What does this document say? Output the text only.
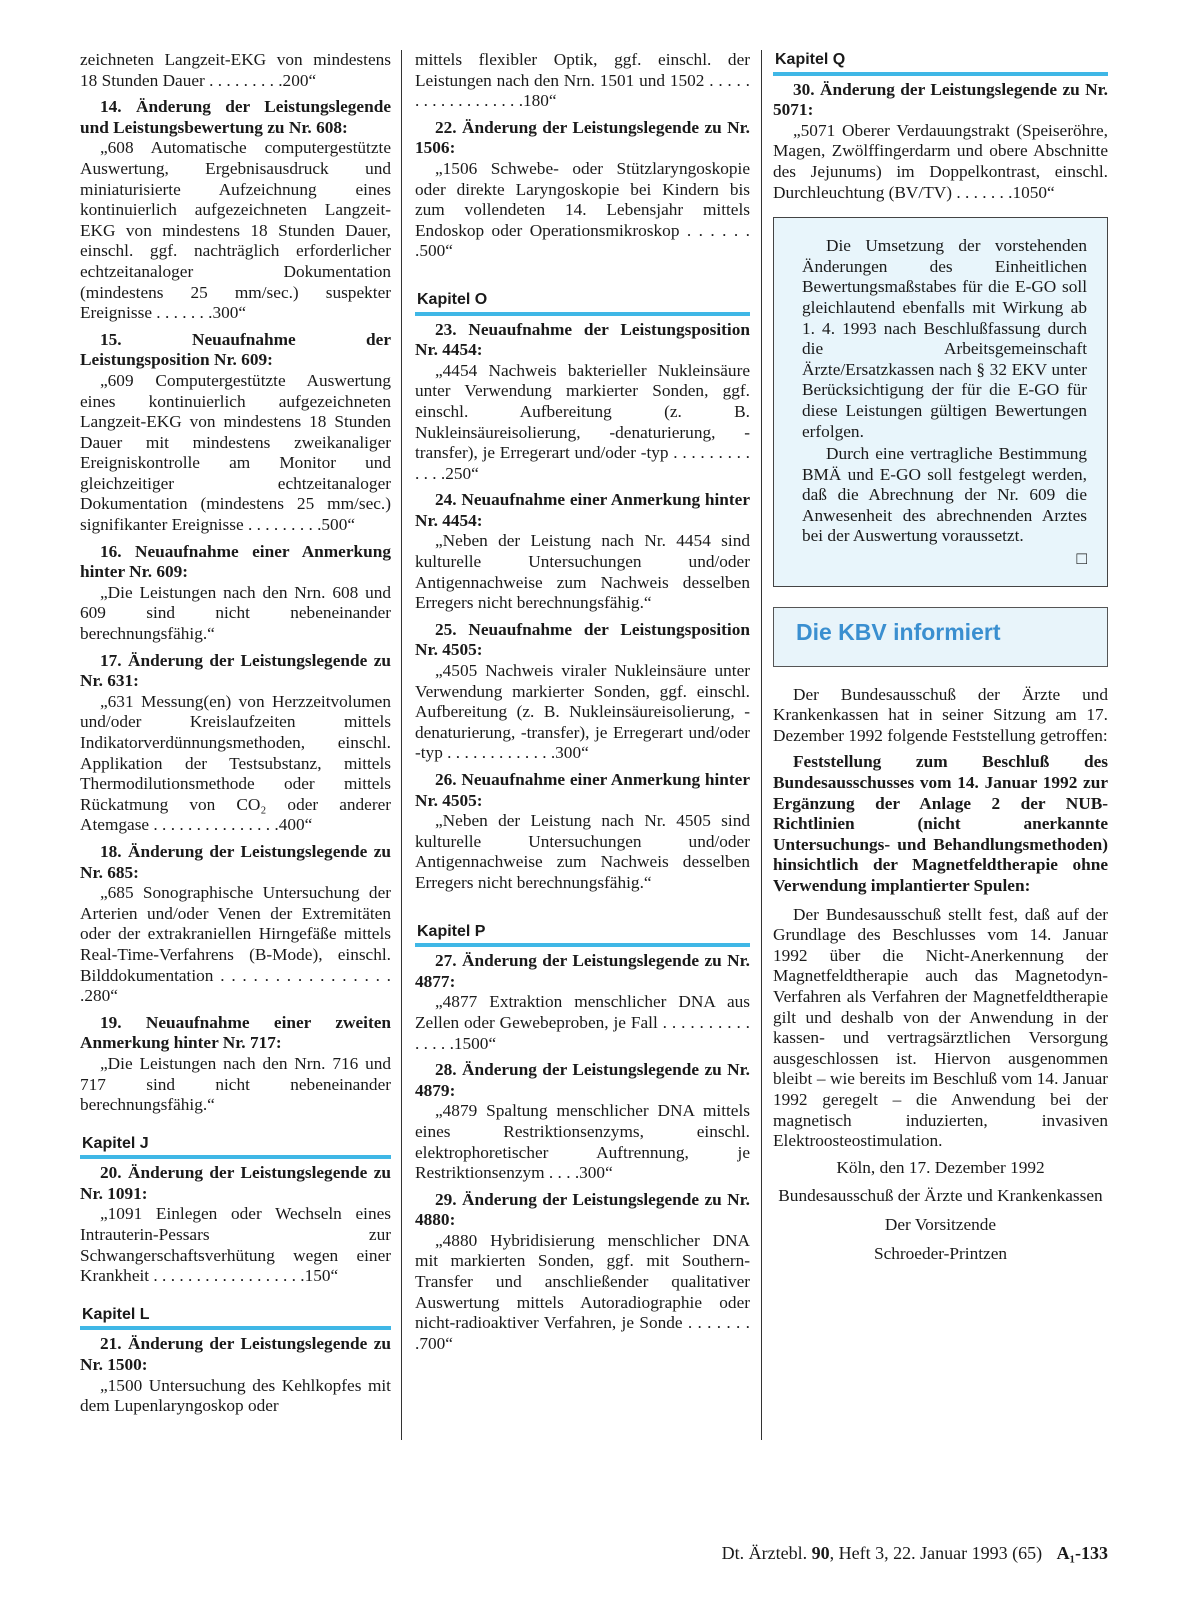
zeichneten Langzeit-EKG von mindestens 18 Stunden Dauer . . . . . . . . .200“
14. Änderung der Leistungslegende und Leistungsbewertung zu Nr. 608:

„608 Automatische computergestützte Auswertung, Ergebnisausdruck und miniaturisierte Aufzeichnung eines kontinuierlich aufgezeichneten Langzeit-EKG von mindestens 18 Stunden Dauer, einschl. ggf. nachträglich erforderlicher echtzeitanaloger Dokumentation (mindestens 25 mm/sec.) suspekter Ereignisse . . . . . . .300“

15. Neuaufnahme der Leistungsposition Nr. 609:

„609 Computergestützte Auswertung eines kontinuierlich aufgezeichneten Langzeit-EKG von mindestens 18 Stunden Dauer mit mindestens zweikanaliger Ereigniskontrolle am Monitor und gleichzeitiger echtzeitanaloger Dokumentation (mindestens 25 mm/sec.) signifikanter Ereignisse . . . . . . . . .500“

16. Neuaufnahme einer Anmerkung hinter Nr. 609:

„Die Leistungen nach den Nrn. 608 und 609 sind nicht nebeneinander berechnungsfähig.“

17. Änderung der Leistungslegende zu Nr. 631:

„631 Messung(en) von Herzzeitvolumen und/oder Kreislaufzeiten mittels Indikatorverdünnungsmethoden, einschl. Applikation der Testsubstanz, mittels Thermodilutionsmethode oder mittels Rückatmung von CO₂ oder anderer Atemgase . . . . . . . . . . . . . . .400“

18. Änderung der Leistungslegende zu Nr. 685:

„685 Sonographische Untersuchung der Arterien und/oder Venen der Extremitäten oder der extrakraniellen Hirngefäße mittels Real-Time-Verfahrens (B-Mode), einschl. Bilddokumentation . . . . . . . . . . . . . . . . .280“

19. Neuaufnahme einer zweiten Anmerkung hinter Nr. 717:

„Die Leistungen nach den Nrn. 716 und 717 sind nicht nebeneinander berechnungsfähig.“

Kapitel J
20. Änderung der Leistungslegende zu Nr. 1091:

„1091 Einlegen oder Wechseln eines Intrauterin-Pessars zur Schwangerschaftsverhütung wegen einer Krankheit . . . . . . . . . . . . . . . . . .150“

Kapitel L
21. Änderung der Leistungslegende zu Nr. 1500:

„1500 Untersuchung des Kehlkopfes mit dem Lupenlaryngoskop oder

mittels flexibler Optik, ggf. einschl. der Leistungen nach den Nrn. 1501 und 1502 . . . . . . . . . . . . . . . . . .180“
22. Änderung der Leistungslegende zu Nr. 1506:

„1506 Schwebe- oder Stützlaryngoskopie oder direkte Laryngoskopie bei Kindern bis zum vollendeten 14. Lebensjahr mittels Endoskop oder Operationsmikroskop . . . . . . .500“

Kapitel O
23. Neuaufnahme der Leistungsposition Nr. 4454:

„4454 Nachweis bakterieller Nukleinsäure unter Verwendung markierter Sonden, ggf. einschl. Aufbereitung (z. B. Nukleinsäureisolierung, -denaturierung, -transfer), je Erregerart und/oder -typ . . . . . . . . . . . . .250“

24. Neuaufnahme einer Anmerkung hinter Nr. 4454:

„Neben der Leistung nach Nr. 4454 sind kulturelle Untersuchungen und/oder Antigennachweise zum Nachweis desselben Erregers nicht berechnungsfähig.“

25. Neuaufnahme der Leistungsposition Nr. 4505:

„4505 Nachweis viraler Nukleinsäure unter Verwendung markierter Sonden, ggf. einschl. Aufbereitung (z. B. Nukleinsäureisolierung, -denaturierung, -transfer), je Erregerart und/oder -typ . . . . . . . . . . . . .300“

26. Neuaufnahme einer Anmerkung hinter Nr. 4505:

„Neben der Leistung nach Nr. 4505 sind kulturelle Untersuchungen und/oder Antigennachweise zum Nachweis desselben Erregers nicht berechnungsfähig.“

Kapitel P
27. Änderung der Leistungslegende zu Nr. 4877:

„4877 Extraktion menschlicher DNA aus Zellen oder Gewebeproben, je Fall . . . . . . . . . . . . . . .1500“

28. Änderung der Leistungslegende zu Nr. 4879:

„4879 Spaltung menschlicher DNA mittels eines Restriktionsenzyms, einschl. elektrophoretischer Auftrennung, je Restriktionsenzym . . . .300“

29. Änderung der Leistungslegende zu Nr. 4880:

„4880 Hybridisierung menschlicher DNA mit markierten Sonden, ggf. mit Southern-Transfer und anschließender qualitativer Auswertung mittels Autoradiographie oder nicht-radioaktiver Verfahren, je Sonde . . . . . . . .700“

Kapitel Q
30. Änderung der Leistungslegende zu Nr. 5071:

„5071 Oberer Verdauungstrakt (Speiseröhre, Magen, Zwölffingerdarm und obere Abschnitte des Jejunums) im Doppelkontrast, einschl. Durchleuchtung (BV/TV) . . . . . . .1050“

Die Umsetzung der vorstehenden Änderungen des Einheitlichen Bewertungsmaßstabes für die E-GO soll gleichlautend ebenfalls mit Wirkung ab 1. 4. 1993 nach Beschlußfassung durch die Arbeitsgemeinschaft Ärzte/Ersatzkassen nach § 32 EKV unter Berücksichtigung der für die E-GO für diese Leistungen gültigen Bewertungen erfolgen.

Durch eine vertragliche Bestimmung BMÄ und E-GO soll festgelegt werden, daß die Abrechnung der Nr. 609 die Anwesenheit des abrechnenden Arztes bei der Auswertung voraussetzt.

□
Die KBV informiert

Der Bundesausschuß der Ärzte und Krankenkassen hat in seiner Sitzung am 17. Dezember 1992 folgende Feststellung getroffen:

Feststellung zum Beschluß des Bundesausschusses vom 14. Januar 1992 zur Ergänzung der Anlage 2 der NUB-Richtlinien (nicht anerkannte Untersuchungs- und Behandlungsmethoden) hinsichtlich der Magnetfeldtherapie ohne Verwendung implantierter Spulen:

Der Bundesausschuß stellt fest, daß auf der Grundlage des Beschlusses vom 14. Januar 1992 über die Nicht-Anerkennung der Magnetfeldtherapie auch das Magnetodyn-Verfahren als Verfahren der Magnetfeldtherapie gilt und deshalb von der Anwendung in der kassen- und vertragsärztlichen Versorgung ausgeschlossen ist. Hiervon ausgenommen bleibt – wie bereits im Beschluß vom 14. Januar 1992 geregelt – die Anwendung bei der magnetisch induzierten, invasiven Elektroosteostimulation.

Köln, den 17. Dezember 1992
Bundesausschuß der Ärzte und Krankenkassen
Der Vorsitzende
Schroeder-Printzen
Dt. Ärztebl. 90, Heft 3, 22. Januar 1993 (65) A₁-133
